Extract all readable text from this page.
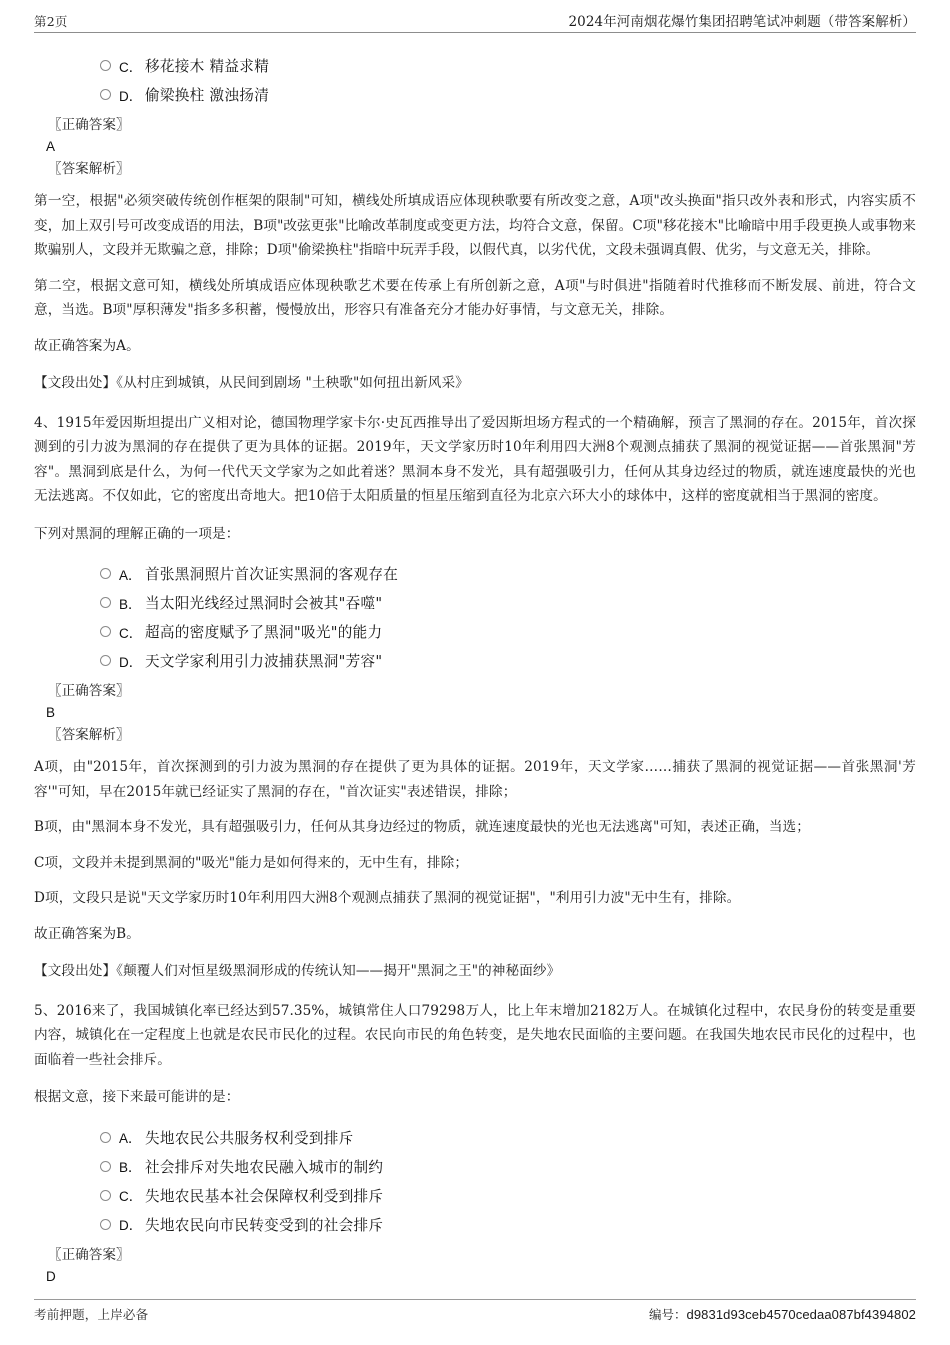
第2页	2024年河南烟花爆竹集团招聘笔试冲刺题（带答案解析）
C． 移花接木 精益求精
D． 偷梁换柱 激浊扬清
〖正确答案〗
A
〖答案解析〗

第一空，根据"必须突破传统创作框架的限制"可知，横线处所填成语应体现秧歌要有所改变之意，A项"改头换面"指只改外表和形式，内容实质不变，加上双引号可改变成语的用法，B项"改弦更张"比喻改革制度或变更方法，均符合文意，保留。C项"移花接木"比喻暗中用手段更换人或事物来欺骗别人，文段并无欺骗之意，排除；D项"偷梁换柱"指暗中玩弄手段，以假代真，以劣代优，文段未强调真假、优劣，与文意无关，排除。

第二空，根据文意可知，横线处所填成语应体现秧歌艺术要在传承上有所创新之意，A项"与时俱进"指随着时代推移而不断发展、前进，符合文意，当选。B项"厚积薄发"指多多积蓄，慢慢放出，形容只有准备充分才能办好事情，与文意无关，排除。

故正确答案为A。

【文段出处】《从村庄到城镇，从民间到剧场 "土秧歌"如何扭出新风采》

4、1915年爱因斯坦提出广义相对论，德国物理学家卡尔·史瓦西推导出了爱因斯坦场方程式的一个精确解，预言了黑洞的存在。2015年，首次探测到的引力波为黑洞的存在提供了更为具体的证据。2019年，天文学家历时10年利用四大洲8个观测点捕获了黑洞的视觉证据——首张黑洞"芳容"。黑洞到底是什么，为何一代代天文学家为之如此着迷？黑洞本身不发光，具有超强吸引力，任何从其身边经过的物质，就连速度最快的光也无法逃离。不仅如此，它的密度出奇地大。把10倍于太阳质量的恒星压缩到直径为北京六环大小的球体中，这样的密度就相当于黑洞的密度。

下列对黑洞的理解正确的一项是：

A． 首张黑洞照片首次证实黑洞的客观存在
B． 当太阳光线经过黑洞时会被其"吞噬"
C． 超高的密度赋予了黑洞"吸光"的能力
D． 天文学家利用引力波捕获黑洞"芳容"
〖正确答案〗
B
〖答案解析〗

A项，由"2015年，首次探测到的引力波为黑洞的存在提供了更为具体的证据。2019年，天文学家……捕获了黑洞的视觉证据——首张黑洞'芳容'"可知，早在2015年就已经证实了黑洞的存在，"首次证实"表述错误，排除；

B项，由"黑洞本身不发光，具有超强吸引力，任何从其身边经过的物质，就连速度最快的光也无法逃离"可知，表述正确，当选；

C项，文段并未提到黑洞的"吸光"能力是如何得来的，无中生有，排除；

D项，文段只是说"天文学家历时10年利用四大洲8个观测点捕获了黑洞的视觉证据"，"利用引力波"无中生有，排除。

故正确答案为B。

【文段出处】《颠覆人们对恒星级黑洞形成的传统认知——揭开"黑洞之王"的神秘面纱》

5、2016来了，我国城镇化率已经达到57.35%，城镇常住人口79298万人，比上年末增加2182万人。在城镇化过程中，农民身份的转变是重要内容，城镇化在一定程度上也就是农民市民化的过程。农民向市民的角色转变，是失地农民面临的主要问题。在我国失地农民市民化的过程中，也面临着一些社会排斥。

根据文意，接下来最可能讲的是：

A． 失地农民公共服务权利受到排斥
B． 社会排斥对失地农民融入城市的制约
C． 失地农民基本社会保障权利受到排斥
D． 失地农民向市民转变受到的社会排斥
〖正确答案〗
D
考前押题，上岸必备	编号：d9831d93ceb4570cedaa087bf4394802
